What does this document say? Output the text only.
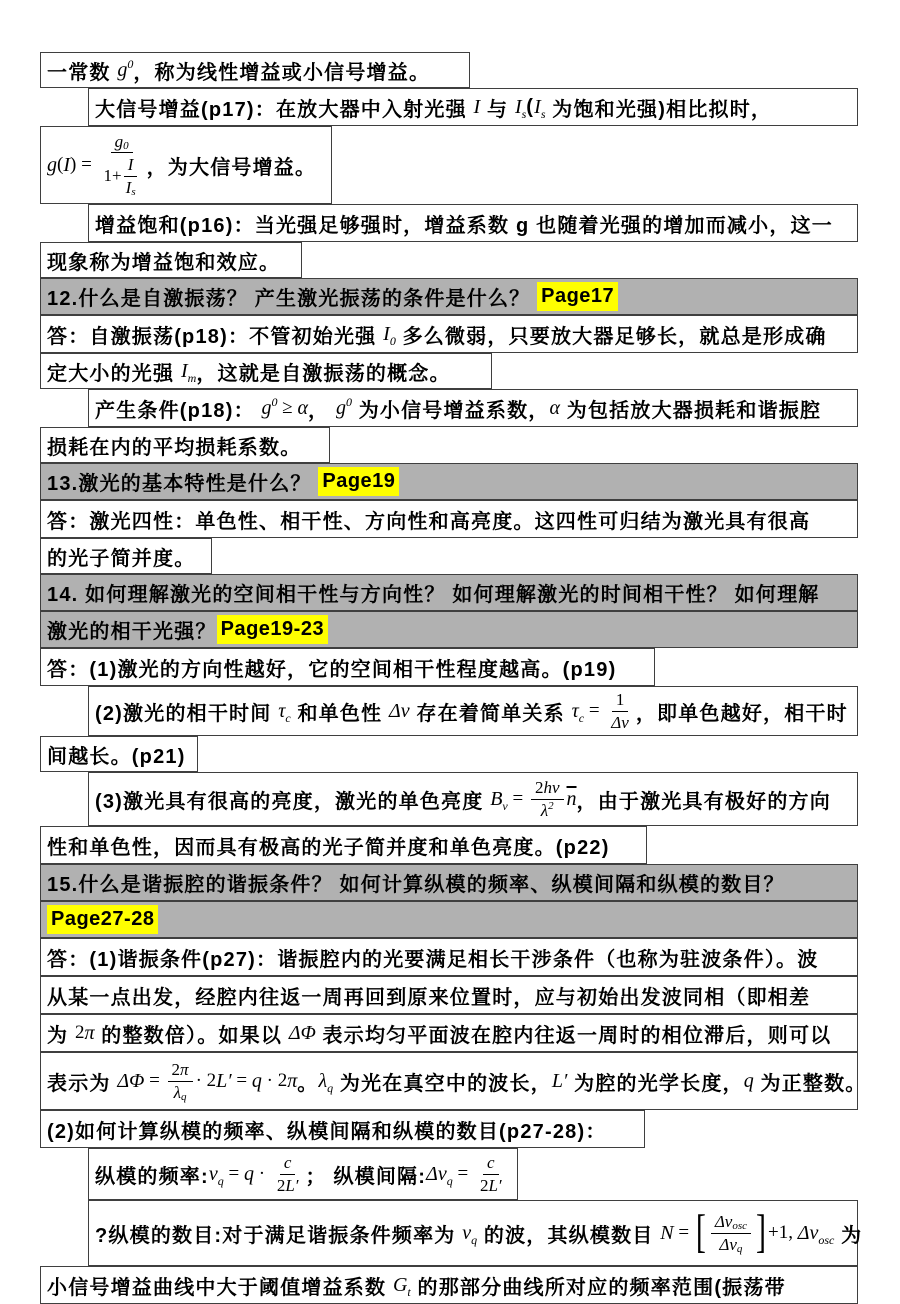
一常数 g 0 ，称为线性增益或小信号增益。
大信号增益(p17)：在放大器中入射光强 I 与 I s ( I s 为饱和光强)相比拟时，
g ( I ) = $\frac{g 0}{1+ \frac{I}{\text{I s}}}$ ，为大信号增益。
增益饱和(p16)：当光强足够强时，增益系数 g 也随着光强的增加而减小，这一
现象称为增益饱和效应。
12.什么是自激振荡？ 产生激光振荡的条件是什么？ Page17
答：自激振荡(p18)：不管初始光强 I 0 多么微弱，只要放大器足够长，就总是形成确
定大小的光强 I m ，这就是自激振荡的概念。
产生条件(p18)： g 0 ≥ α ， g 0 为小信号增益系数， α 为包括放大器损耗和谐振腔
损耗在内的平均损耗系数。
13.激光的基本特性是什么？ Page19
答：激光四性：单色性、相干性、方向性和高亮度。这四性可归结为激光具有很高
的光子简并度。
14. 如何理解激光的空间相干性与方向性？ 如何理解激光的时间相干性？ 如何理解
激光的相干光强？ Page19-23
答：(1)激光的方向性越好，它的空间相干性程度越高。(p19)
(2)激光的相干时间 τ c 和单色性 Δν 存在着简单关系 τ $c = \frac{1}{\Delta\nu}$ ，即单色越好，相干时
间越长。(p21)
(3)激光具有很高的亮度，激光的单色亮度 B $\nu = \frac{2 h\nu}{\lambda 2} \overline{n}$ ，由于激光具有极好的方向
性和单色性，因而具有极高的光子简并度和单色亮度。(p22)
15.什么是谐振腔的谐振条件？ 如何计算纵模的频率、纵模间隔和纵模的数目？
Page27-28
答：(1)谐振条件(p27)：谐振腔内的光要满足相长干涉条件（也称为驻波条件）。波
从某一点出发，经腔内往返一周再回到原来位置时，应与初始出发波同相（即相差
为 2 π 的整数倍）。如果以 ΔΦ 表示均匀平面波在腔内往返一周时的相位滞后，则可以
表示为 $\Delta\Phi = \frac{2 \pi}{\text{λ q}} \cdot 2$ L′ = q · 2 π 。 λ q 为光在真空中的波长， L′ 为腔的光学长度， q 为正整数。
(2)如何计算纵模的频率、纵模间隔和纵模的数目(p27-28)：
纵模的频率: ν $q = q \cdot \frac{c}{2 L'}$ ； 纵模间隔: Δν $q = \frac{c}{2 L'}$
?纵模的数目:对于满足谐振条件频率为 ν q 的波，其纵模数目 N = [ $\frac{\text{Δν osc}}{\text{Δν q}}$ ] +1, Δν osc 为
小信号增益曲线中大于阈值增益系数 G t 的那部分曲线所对应的频率范围(振荡带
